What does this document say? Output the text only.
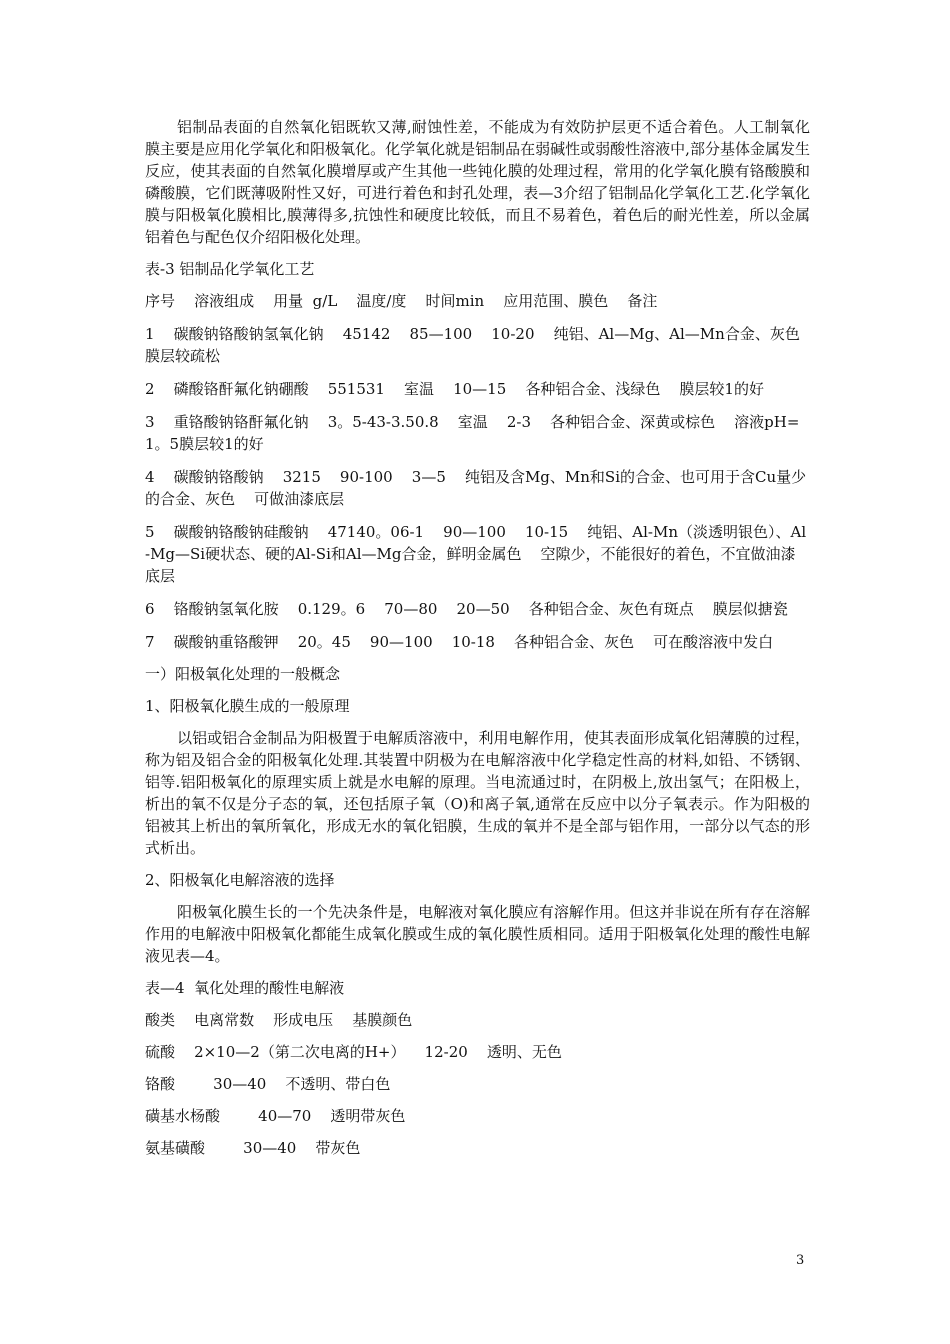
铝制品表面的自然氧化铝既软又薄,耐蚀性差，不能成为有效防护层更不适合着色。人工制氧化膜主要是应用化学氧化和阳极氧化。化学氧化就是铝制品在弱碱性或弱酸性溶液中,部分基体金属发生反应，使其表面的自然氧化膜增厚或产生其他一些钝化膜的处理过程，常用的化学氧化膜有铬酸膜和磷酸膜，它们既薄吸附性又好，可进行着色和封孔处理，表—3介绍了铝制品化学氧化工艺.化学氧化膜与阳极氧化膜相比,膜薄得多,抗蚀性和硬度比较低，而且不易着色，着色后的耐光性差，所以金属铝着色与配色仅介绍阳极化处理。

表-3 铝制品化学氧化工艺

序号    溶液组成    用量  g/L    温度/度    时间min    应用范围、膜色    备注

1    碳酸钠铬酸钠氢氧化钠    45142    85—100    10-20    纯铝、Al—Mg、Al—Mn合金、灰色    膜层较疏松

2    磷酸铬酐氟化钠硼酸    551531    室温    10—15    各种铝合金、浅绿色    膜层较1的好

3    重铬酸钠铬酐氟化钠    3。5-43-3.50.8    室温    2-3    各种铝合金、深黄或棕色    溶液pH=1。5膜层较1的好

4    碳酸钠铬酸钠    3215    90-100    3—5    纯铝及含Mg、Mn和Si的合金、也可用于含Cu量少的合金、灰色    可做油漆底层

5    碳酸钠铬酸钠硅酸钠    47140。06-1    90—100    10-15    纯铝、Al-Mn（淡透明银色）、Al-Mg—Si硬状态、硬的Al-Si和Al—Mg合金，鲜明金属色    空隙少，不能很好的着色，不宜做油漆底层

6    铬酸钠氢氧化胺    0.129。6    70—80    20—50    各种铝合金、灰色有斑点    膜层似搪瓷

7    碳酸钠重铬酸钾    20。45    90—100    10-18    各种铝合金、灰色    可在酸溶液中发白

一）阳极氧化处理的一般概念

1、阳极氧化膜生成的一般原理

以铝或铝合金制品为阳极置于电解质溶液中，利用电解作用，使其表面形成氧化铝薄膜的过程，称为铝及铝合金的阳极氧化处理.其装置中阴极为在电解溶液中化学稳定性高的材料,如铅、不锈钢、铝等.铝阳极氧化的原理实质上就是水电解的原理。当电流通过时，在阴极上,放出氢气；在阳极上，析出的氧不仅是分子态的氧，还包括原子氧（O)和离子氧,通常在反应中以分子氧表示。作为阳极的铝被其上析出的氧所氧化，形成无水的氧化铝膜，生成的氧并不是全部与铝作用，一部分以气态的形式析出。

2、阳极氧化电解溶液的选择

阳极氧化膜生长的一个先决条件是，电解液对氧化膜应有溶解作用。但这并非说在所有存在溶解作用的电解液中阳极氧化都能生成氧化膜或生成的氧化膜性质相同。适用于阳极氧化处理的酸性电解液见表—4。

表—4  氧化处理的酸性电解液

酸类    电离常数    形成电压    基膜颜色

硫酸    2×10—2（第二次电离的H+）    12-20    透明、无色

铬酸        30—40    不透明、带白色

磺基水杨酸        40—70    透明带灰色

氨基磺酸        30—40    带灰色

3
